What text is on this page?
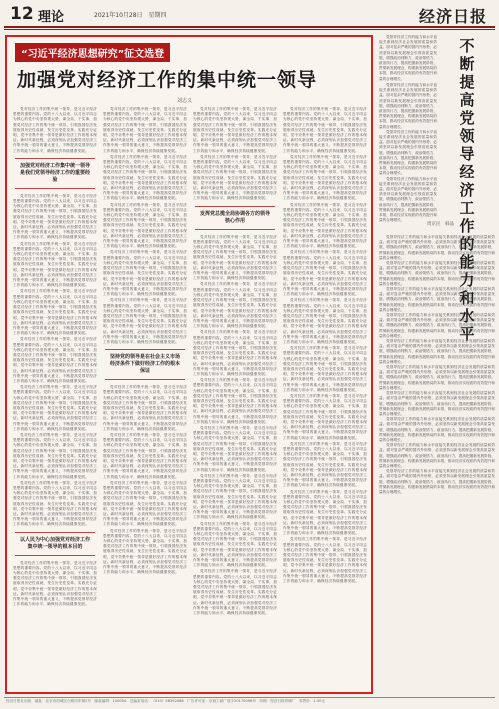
12 理论	2021年10月28日　星期四	经济日报
“习近平经济思想研究”征文选登
加强党对经济工作的集中统一领导
刘志义

党对经济工作的集中统一领导，是习近平经济思想的重要内容。党的十八大以来，以习近平同志为核心的党中央坚持观大势、谋全局、干实事，加强党对经济工作的集中统一领导，引领我国经济发展取得历史性成就、发生历史性变革。实践充分证明，党中央集中统一领导是做好经济工作的根本保证。新时代新征程，必须深刻认识加强党对经济工作集中统一领导的重大意义，不断提高党领导经济工作的能力和水平，确保经济持续健康发展。

加强党对经济工作集中统一领导是我们党领导经济工作的重要经验

党对经济工作的集中统一领导，是习近平经济思想的重要内容。党的十八大以来，以习近平同志为核心的党中央坚持观大势、谋全局、干实事，加强党对经济工作的集中统一领导，引领我国经济发展取得历史性成就、发生历史性变革。实践充分证明，党中央集中统一领导是做好经济工作的根本保证。新时代新征程，必须深刻认识加强党对经济工作集中统一领导的重大意义，不断提高党领导经济工作的能力和水平，确保经济持续健康发展。

党对经济工作的集中统一领导，是习近平经济思想的重要内容。党的十八大以来，以习近平同志为核心的党中央坚持观大势、谋全局、干实事，加强党对经济工作的集中统一领导，引领我国经济发展取得历史性成就、发生历史性变革。实践充分证明，党中央集中统一领导是做好经济工作的根本保证。新时代新征程，必须深刻认识加强党对经济工作集中统一领导的重大意义，不断提高党领导经济工作的能力和水平，确保经济持续健康发展。

党对经济工作的集中统一领导，是习近平经济思想的重要内容。党的十八大以来，以习近平同志为核心的党中央坚持观大势、谋全局、干实事，加强党对经济工作的集中统一领导，引领我国经济发展取得历史性成就、发生历史性变革。实践充分证明，党中央集中统一领导是做好经济工作的根本保证。新时代新征程，必须深刻认识加强党对经济工作集中统一领导的重大意义，不断提高党领导经济工作的能力和水平，确保经济持续健康发展。

党对经济工作的集中统一领导，是习近平经济思想的重要内容。党的十八大以来，以习近平同志为核心的党中央坚持观大势、谋全局、干实事，加强党对经济工作的集中统一领导，引领我国经济发展取得历史性成就、发生历史性变革。实践充分证明，党中央集中统一领导是做好经济工作的根本保证。新时代新征程，必须深刻认识加强党对经济工作集中统一领导的重大意义，不断提高党领导经济工作的能力和水平，确保经济持续健康发展。

党对经济工作的集中统一领导，是习近平经济思想的重要内容。党的十八大以来，以习近平同志为核心的党中央坚持观大势、谋全局、干实事，加强党对经济工作的集中统一领导，引领我国经济发展取得历史性成就、发生历史性变革。实践充分证明，党中央集中统一领导是做好经济工作的根本保证。新时代新征程，必须深刻认识加强党对经济工作集中统一领导的重大意义，不断提高党领导经济工作的能力和水平，确保经济持续健康发展。

党对经济工作的集中统一领导，是习近平经济思想的重要内容。党的十八大以来，以习近平同志为核心的党中央坚持观大势、谋全局、干实事，加强党对经济工作的集中统一领导，引领我国经济发展取得历史性成就、发生历史性变革。实践充分证明，党中央集中统一领导是做好经济工作的根本保证。新时代新征程，必须深刻认识加强党对经济工作集中统一领导的重大意义，不断提高党领导经济工作的能力和水平，确保经济持续健康发展。

党对经济工作的集中统一领导，是习近平经济思想的重要内容。党的十八大以来，以习近平同志为核心的党中央坚持观大势、谋全局、干实事，加强党对经济工作的集中统一领导，引领我国经济发展取得历史性成就、发生历史性变革。实践充分证明，党中央集中统一领导是做好经济工作的根本保证。新时代新征程，必须深刻认识加强党对经济工作集中统一领导的重大意义，不断提高党领导经济工作的能力和水平，确保经济持续健康发展。

以人民为中心加强党对经济工作集中统一领导的根本目的

党对经济工作的集中统一领导，是习近平经济思想的重要内容。党的十八大以来，以习近平同志为核心的党中央坚持观大势、谋全局、干实事，加强党对经济工作的集中统一领导，引领我国经济发展取得历史性成就、发生历史性变革。实践充分证明，党中央集中统一领导是做好经济工作的根本保证。新时代新征程，必须深刻认识加强党对经济工作集中统一领导的重大意义，不断提高党领导经济工作的能力和水平，确保经济持续健康发展。

党对经济工作的集中统一领导，是习近平经济思想的重要内容。党的十八大以来，以习近平同志为核心的党中央坚持观大势、谋全局、干实事，加强党对经济工作的集中统一领导，引领我国经济发展取得历史性成就、发生历史性变革。实践充分证明，党中央集中统一领导是做好经济工作的根本保证。新时代新征程，必须深刻认识加强党对经济工作集中统一领导的重大意义，不断提高党领导经济工作的能力和水平，确保经济持续健康发展。

党对经济工作的集中统一领导，是习近平经济思想的重要内容。党的十八大以来，以习近平同志为核心的党中央坚持观大势、谋全局、干实事，加强党对经济工作的集中统一领导，引领我国经济发展取得历史性成就、发生历史性变革。实践充分证明，党中央集中统一领导是做好经济工作的根本保证。新时代新征程，必须深刻认识加强党对经济工作集中统一领导的重大意义，不断提高党领导经济工作的能力和水平，确保经济持续健康发展。

党对经济工作的集中统一领导，是习近平经济思想的重要内容。党的十八大以来，以习近平同志为核心的党中央坚持观大势、谋全局、干实事，加强党对经济工作的集中统一领导，引领我国经济发展取得历史性成就、发生历史性变革。实践充分证明，党中央集中统一领导是做好经济工作的根本保证。新时代新征程，必须深刻认识加强党对经济工作集中统一领导的重大意义，不断提高党领导经济工作的能力和水平，确保经济持续健康发展。

党对经济工作的集中统一领导，是习近平经济思想的重要内容。党的十八大以来，以习近平同志为核心的党中央坚持观大势、谋全局、干实事，加强党对经济工作的集中统一领导，引领我国经济发展取得历史性成就、发生历史性变革。实践充分证明，党中央集中统一领导是做好经济工作的根本保证。新时代新征程，必须深刻认识加强党对经济工作集中统一领导的重大意义，不断提高党领导经济工作的能力和水平，确保经济持续健康发展。

党对经济工作的集中统一领导，是习近平经济思想的重要内容。党的十八大以来，以习近平同志为核心的党中央坚持观大势、谋全局、干实事，加强党对经济工作的集中统一领导，引领我国经济发展取得历史性成就、发生历史性变革。实践充分证明，党中央集中统一领导是做好经济工作的根本保证。新时代新征程，必须深刻认识加强党对经济工作集中统一领导的重大意义，不断提高党领导经济工作的能力和水平，确保经济持续健康发展。

坚持党的领导是在社会主义市场经济条件下做好经济工作的根本保证

党对经济工作的集中统一领导，是习近平经济思想的重要内容。党的十八大以来，以习近平同志为核心的党中央坚持观大势、谋全局、干实事，加强党对经济工作的集中统一领导，引领我国经济发展取得历史性成就、发生历史性变革。实践充分证明，党中央集中统一领导是做好经济工作的根本保证。新时代新征程，必须深刻认识加强党对经济工作集中统一领导的重大意义，不断提高党领导经济工作的能力和水平，确保经济持续健康发展。

党对经济工作的集中统一领导，是习近平经济思想的重要内容。党的十八大以来，以习近平同志为核心的党中央坚持观大势、谋全局、干实事，加强党对经济工作的集中统一领导，引领我国经济发展取得历史性成就、发生历史性变革。实践充分证明，党中央集中统一领导是做好经济工作的根本保证。新时代新征程，必须深刻认识加强党对经济工作集中统一领导的重大意义，不断提高党领导经济工作的能力和水平，确保经济持续健康发展。

党对经济工作的集中统一领导，是习近平经济思想的重要内容。党的十八大以来，以习近平同志为核心的党中央坚持观大势、谋全局、干实事，加强党对经济工作的集中统一领导，引领我国经济发展取得历史性成就、发生历史性变革。实践充分证明，党中央集中统一领导是做好经济工作的根本保证。新时代新征程，必须深刻认识加强党对经济工作集中统一领导的重大意义，不断提高党领导经济工作的能力和水平，确保经济持续健康发展。

党对经济工作的集中统一领导，是习近平经济思想的重要内容。党的十八大以来，以习近平同志为核心的党中央坚持观大势、谋全局、干实事，加强党对经济工作的集中统一领导，引领我国经济发展取得历史性成就、发生历史性变革。实践充分证明，党中央集中统一领导是做好经济工作的根本保证。新时代新征程，必须深刻认识加强党对经济工作集中统一领导的重大意义，不断提高党领导经济工作的能力和水平，确保经济持续健康发展。

党对经济工作的集中统一领导，是习近平经济思想的重要内容。党的十八大以来，以习近平同志为核心的党中央坚持观大势、谋全局、干实事，加强党对经济工作的集中统一领导，引领我国经济发展取得历史性成就、发生历史性变革。实践充分证明，党中央集中统一领导是做好经济工作的根本保证。新时代新征程，必须深刻认识加强党对经济工作集中统一领导的重大意义，不断提高党领导经济工作的能力和水平，确保经济持续健康发展。

党对经济工作的集中统一领导，是习近平经济思想的重要内容。党的十八大以来，以习近平同志为核心的党中央坚持观大势、谋全局、干实事，加强党对经济工作的集中统一领导，引领我国经济发展取得历史性成就、发生历史性变革。实践充分证明，党中央集中统一领导是做好经济工作的根本保证。新时代新征程，必须深刻认识加强党对经济工作集中统一领导的重大意义，不断提高党领导经济工作的能力和水平，确保经济持续健康发展。

发挥党总揽全局协调各方的领导核心作用

党对经济工作的集中统一领导，是习近平经济思想的重要内容。党的十八大以来，以习近平同志为核心的党中央坚持观大势、谋全局、干实事，加强党对经济工作的集中统一领导，引领我国经济发展取得历史性成就、发生历史性变革。实践充分证明，党中央集中统一领导是做好经济工作的根本保证。新时代新征程，必须深刻认识加强党对经济工作集中统一领导的重大意义，不断提高党领导经济工作的能力和水平，确保经济持续健康发展。

党对经济工作的集中统一领导，是习近平经济思想的重要内容。党的十八大以来，以习近平同志为核心的党中央坚持观大势、谋全局、干实事，加强党对经济工作的集中统一领导，引领我国经济发展取得历史性成就、发生历史性变革。实践充分证明，党中央集中统一领导是做好经济工作的根本保证。新时代新征程，必须深刻认识加强党对经济工作集中统一领导的重大意义，不断提高党领导经济工作的能力和水平，确保经济持续健康发展。

党对经济工作的集中统一领导，是习近平经济思想的重要内容。党的十八大以来，以习近平同志为核心的党中央坚持观大势、谋全局、干实事，加强党对经济工作的集中统一领导，引领我国经济发展取得历史性成就、发生历史性变革。实践充分证明，党中央集中统一领导是做好经济工作的根本保证。新时代新征程，必须深刻认识加强党对经济工作集中统一领导的重大意义，不断提高党领导经济工作的能力和水平，确保经济持续健康发展。

党对经济工作的集中统一领导，是习近平经济思想的重要内容。党的十八大以来，以习近平同志为核心的党中央坚持观大势、谋全局、干实事，加强党对经济工作的集中统一领导，引领我国经济发展取得历史性成就、发生历史性变革。实践充分证明，党中央集中统一领导是做好经济工作的根本保证。新时代新征程，必须深刻认识加强党对经济工作集中统一领导的重大意义，不断提高党领导经济工作的能力和水平，确保经济持续健康发展。

党对经济工作的集中统一领导，是习近平经济思想的重要内容。党的十八大以来，以习近平同志为核心的党中央坚持观大势、谋全局、干实事，加强党对经济工作的集中统一领导，引领我国经济发展取得历史性成就、发生历史性变革。实践充分证明，党中央集中统一领导是做好经济工作的根本保证。新时代新征程，必须深刻认识加强党对经济工作集中统一领导的重大意义，不断提高党领导经济工作的能力和水平，确保经济持续健康发展。

党对经济工作的集中统一领导，是习近平经济思想的重要内容。党的十八大以来，以习近平同志为核心的党中央坚持观大势、谋全局、干实事，加强党对经济工作的集中统一领导，引领我国经济发展取得历史性成就、发生历史性变革。实践充分证明，党中央集中统一领导是做好经济工作的根本保证。新时代新征程，必须深刻认识加强党对经济工作集中统一领导的重大意义，不断提高党领导经济工作的能力和水平，确保经济持续健康发展。

党对经济工作的集中统一领导，是习近平经济思想的重要内容。党的十八大以来，以习近平同志为核心的党中央坚持观大势、谋全局、干实事，加强党对经济工作的集中统一领导，引领我国经济发展取得历史性成就、发生历史性变革。实践充分证明，党中央集中统一领导是做好经济工作的根本保证。新时代新征程，必须深刻认识加强党对经济工作集中统一领导的重大意义，不断提高党领导经济工作的能力和水平，确保经济持续健康发展。

党对经济工作的集中统一领导，是习近平经济思想的重要内容。党的十八大以来，以习近平同志为核心的党中央坚持观大势、谋全局、干实事，加强党对经济工作的集中统一领导，引领我国经济发展取得历史性成就、发生历史性变革。实践充分证明，党中央集中统一领导是做好经济工作的根本保证。新时代新征程，必须深刻认识加强党对经济工作集中统一领导的重大意义，不断提高党领导经济工作的能力和水平，确保经济持续健康发展。

党对经济工作的集中统一领导，是习近平经济思想的重要内容。党的十八大以来，以习近平同志为核心的党中央坚持观大势、谋全局、干实事，加强党对经济工作的集中统一领导，引领我国经济发展取得历史性成就、发生历史性变革。实践充分证明，党中央集中统一领导是做好经济工作的根本保证。新时代新征程，必须深刻认识加强党对经济工作集中统一领导的重大意义，不断提高党领导经济工作的能力和水平，确保经济持续健康发展。

党对经济工作的集中统一领导，是习近平经济思想的重要内容。党的十八大以来，以习近平同志为核心的党中央坚持观大势、谋全局、干实事，加强党对经济工作的集中统一领导，引领我国经济发展取得历史性成就、发生历史性变革。实践充分证明，党中央集中统一领导是做好经济工作的根本保证。新时代新征程，必须深刻认识加强党对经济工作集中统一领导的重大意义，不断提高党领导经济工作的能力和水平，确保经济持续健康发展。

党对经济工作的集中统一领导，是习近平经济思想的重要内容。党的十八大以来，以习近平同志为核心的党中央坚持观大势、谋全局、干实事，加强党对经济工作的集中统一领导，引领我国经济发展取得历史性成就、发生历史性变革。实践充分证明，党中央集中统一领导是做好经济工作的根本保证。新时代新征程，必须深刻认识加强党对经济工作集中统一领导的重大意义，不断提高党领导经济工作的能力和水平，确保经济持续健康发展。

党对经济工作的集中统一领导，是习近平经济思想的重要内容。党的十八大以来，以习近平同志为核心的党中央坚持观大势、谋全局、干实事，加强党对经济工作的集中统一领导，引领我国经济发展取得历史性成就、发生历史性变革。实践充分证明，党中央集中统一领导是做好经济工作的根本保证。新时代新征程，必须深刻认识加强党对经济工作集中统一领导的重大意义，不断提高党领导经济工作的能力和水平，确保经济持续健康发展。

党对经济工作的集中统一领导，是习近平经济思想的重要内容。党的十八大以来，以习近平同志为核心的党中央坚持观大势、谋全局、干实事，加强党对经济工作的集中统一领导，引领我国经济发展取得历史性成就、发生历史性变革。实践充分证明，党中央集中统一领导是做好经济工作的根本保证。新时代新征程，必须深刻认识加强党对经济工作集中统一领导的重大意义，不断提高党领导经济工作的能力和水平，确保经济持续健康发展。

党对经济工作的集中统一领导，是习近平经济思想的重要内容。党的十八大以来，以习近平同志为核心的党中央坚持观大势、谋全局、干实事，加强党对经济工作的集中统一领导，引领我国经济发展取得历史性成就、发生历史性变革。实践充分证明，党中央集中统一领导是做好经济工作的根本保证。新时代新征程，必须深刻认识加强党对经济工作集中统一领导的重大意义，不断提高党领导经济工作的能力和水平，确保经济持续健康发展。

党对经济工作的集中统一领导，是习近平经济思想的重要内容。党的十八大以来，以习近平同志为核心的党中央坚持观大势、谋全局、干实事，加强党对经济工作的集中统一领导，引领我国经济发展取得历史性成就、发生历史性变革。实践充分证明，党中央集中统一领导是做好经济工作的根本保证。新时代新征程，必须深刻认识加强党对经济工作集中统一领导的重大意义，不断提高党领导经济工作的能力和水平，确保经济持续健康发展。

党对经济工作的集中统一领导，是习近平经济思想的重要内容。党的十八大以来，以习近平同志为核心的党中央坚持观大势、谋全局、干实事，加强党对经济工作的集中统一领导，引领我国经济发展取得历史性成就、发生历史性变革。实践充分证明，党中央集中统一领导是做好经济工作的根本保证。新时代新征程，必须深刻认识加强党对经济工作集中统一领导的重大意义，不断提高党领导经济工作的能力和水平，确保经济持续健康发展。

党对经济工作的集中统一领导，是习近平经济思想的重要内容。党的十八大以来，以习近平同志为核心的党中央坚持观大势、谋全局、干实事，加强党对经济工作的集中统一领导，引领我国经济发展取得历史性成就、发生历史性变革。实践充分证明，党中央集中统一领导是做好经济工作的根本保证。新时代新征程，必须深刻认识加强党对经济工作集中统一领导的重大意义，不断提高党领导经济工作的能力和水平，确保经济持续健康发展。

党对经济工作的集中统一领导，是习近平经济思想的重要内容。党的十八大以来，以习近平同志为核心的党中央坚持观大势、谋全局、干实事，加强党对经济工作的集中统一领导，引领我国经济发展取得历史性成就、发生历史性变革。实践充分证明，党中央集中统一领导是做好经济工作的根本保证。新时代新征程，必须深刻认识加强党对经济工作集中统一领导的重大意义，不断提高党领导经济工作的能力和水平，确保经济持续健康发展。

党领导经济工作的能力和水平直接关系到经济社会发展的质量和效益。面对复杂严峻的国内外形势，必须坚持以新发展理念引领高质量发展，增强政治判断力、政治领悟力、政治执行力，提高把握新发展阶段、贯彻新发展理念、构建新发展格局的本领，推动经济实现质的有效提升和量的合理增长。

不
断
提
高
党
领
导
经
济
工
作
的
能
力
和
水
平

党领导经济工作的能力和水平直接关系到经济社会发展的质量和效益。面对复杂严峻的国内外形势，必须坚持以新发展理念引领高质量发展，增强政治判断力、政治领悟力、政治执行力，提高把握新发展阶段、贯彻新发展理念、构建新发展格局的本领，推动经济实现质的有效提升和量的合理增长。

党领导经济工作的能力和水平直接关系到经济社会发展的质量和效益。面对复杂严峻的国内外形势，必须坚持以新发展理念引领高质量发展，增强政治判断力、政治领悟力、政治执行力，提高把握新发展阶段、贯彻新发展理念、构建新发展格局的本领，推动经济实现质的有效提升和量的合理增长。

党领导经济工作的能力和水平直接关系到经济社会发展的质量和效益。面对复杂严峻的国内外形势，必须坚持以新发展理念引领高质量发展，增强政治判断力、政治领悟力、政治执行力，提高把握新发展阶段、贯彻新发展理念、构建新发展格局的本领，推动经济实现质的有效提升和量的合理增长。

周京民　韩晶

党领导经济工作的能力和水平直接关系到经济社会发展的质量和效益。面对复杂严峻的国内外形势，必须坚持以新发展理念引领高质量发展，增强政治判断力、政治领悟力、政治执行力，提高把握新发展阶段、贯彻新发展理念、构建新发展格局的本领，推动经济实现质的有效提升和量的合理增长。

党领导经济工作的能力和水平直接关系到经济社会发展的质量和效益。面对复杂严峻的国内外形势，必须坚持以新发展理念引领高质量发展，增强政治判断力、政治领悟力、政治执行力，提高把握新发展阶段、贯彻新发展理念、构建新发展格局的本领，推动经济实现质的有效提升和量的合理增长。

党领导经济工作的能力和水平直接关系到经济社会发展的质量和效益。面对复杂严峻的国内外形势，必须坚持以新发展理念引领高质量发展，增强政治判断力、政治领悟力、政治执行力，提高把握新发展阶段、贯彻新发展理念、构建新发展格局的本领，推动经济实现质的有效提升和量的合理增长。

党领导经济工作的能力和水平直接关系到经济社会发展的质量和效益。面对复杂严峻的国内外形势，必须坚持以新发展理念引领高质量发展，增强政治判断力、政治领悟力、政治执行力，提高把握新发展阶段、贯彻新发展理念、构建新发展格局的本领，推动经济实现质的有效提升和量的合理增长。

党领导经济工作的能力和水平直接关系到经济社会发展的质量和效益。面对复杂严峻的国内外形势，必须坚持以新发展理念引领高质量发展，增强政治判断力、政治领悟力、政治执行力，提高把握新发展阶段、贯彻新发展理念、构建新发展格局的本领，推动经济实现质的有效提升和量的合理增长。

党领导经济工作的能力和水平直接关系到经济社会发展的质量和效益。面对复杂严峻的国内外形势，必须坚持以新发展理念引领高质量发展，增强政治判断力、政治领悟力、政治执行力，提高把握新发展阶段、贯彻新发展理念、构建新发展格局的本领，推动经济实现质的有效提升和量的合理增长。

党领导经济工作的能力和水平直接关系到经济社会发展的质量和效益。面对复杂严峻的国内外形势，必须坚持以新发展理念引领高质量发展，增强政治判断力、政治领悟力、政治执行力，提高把握新发展阶段、贯彻新发展理念、构建新发展格局的本领，推动经济实现质的有效提升和量的合理增长。

党领导经济工作的能力和水平直接关系到经济社会发展的质量和效益。面对复杂严峻的国内外形势，必须坚持以新发展理念引领高质量发展，增强政治判断力、政治领悟力、政治执行力，提高把握新发展阶段、贯彻新发展理念、构建新发展格局的本领，推动经济实现质的有效提升和量的合理增长。

党领导经济工作的能力和水平直接关系到经济社会发展的质量和效益。面对复杂严峻的国内外形势，必须坚持以新发展理念引领高质量发展，增强政治判断力、政治领悟力、政治执行力，提高把握新发展阶段、贯彻新发展理念、构建新发展格局的本领，推动经济实现质的有效提升和量的合理增长。

党领导经济工作的能力和水平直接关系到经济社会发展的质量和效益。面对复杂严峻的国内外形势，必须坚持以新发展理念引领高质量发展，增强政治判断力、政治领悟力、政治执行力，提高把握新发展阶段、贯彻新发展理念、构建新发展格局的本领，推动经济实现质的有效提升和量的合理增长。

经济日报社出版　地址：北京市西城区白纸坊东街2号　邮政编码：100054　总编室电话：（010）58392088　广告许可证：京西工商广登字20170096号　印刷：经济日报印刷厂　零售价：1.50元
